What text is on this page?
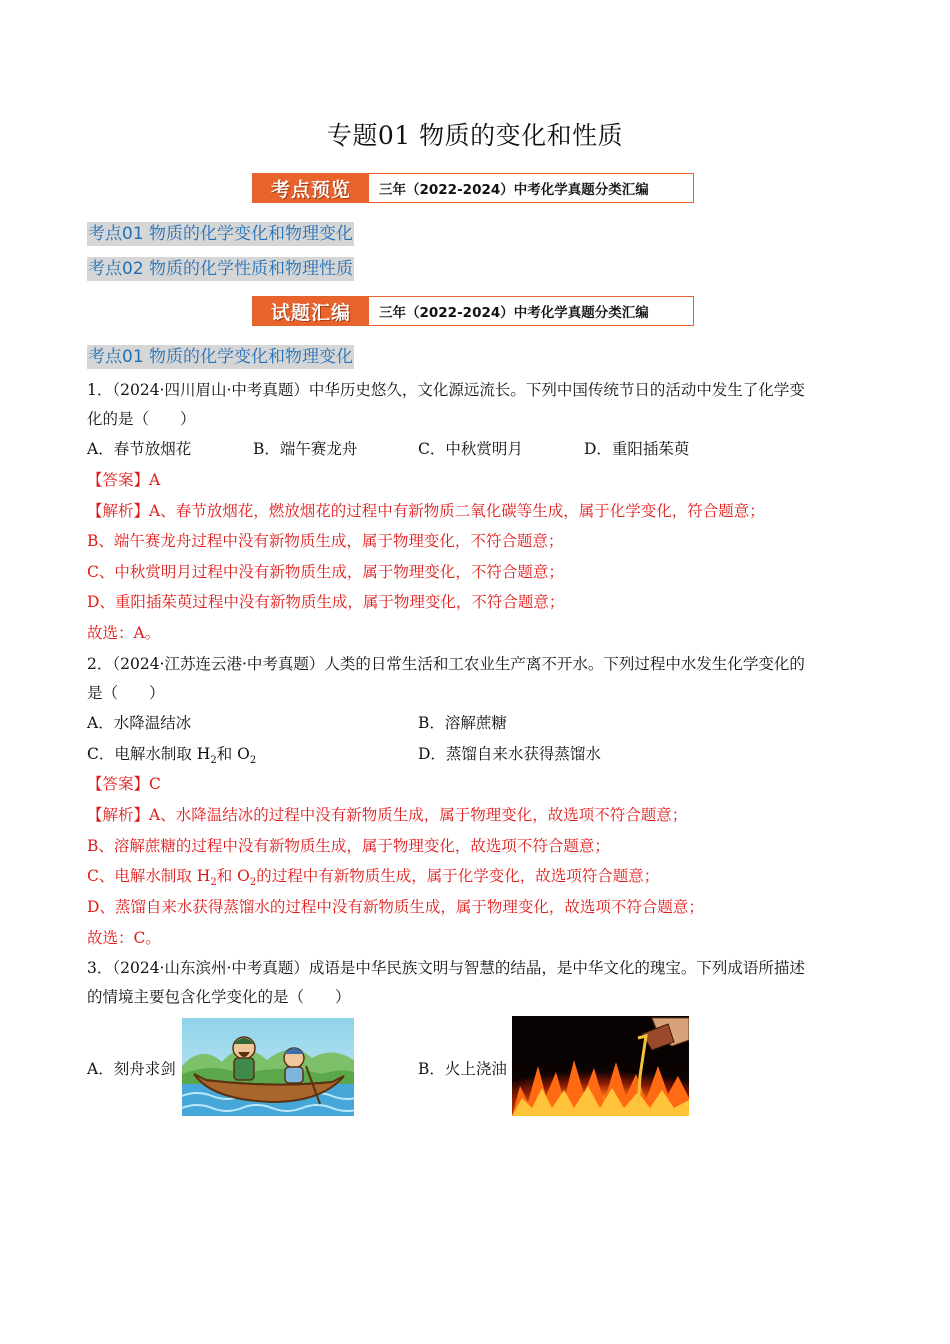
专题01 物质的变化和性质
考点预览	三年（2022-2024）中考化学真题分类汇编
考点01 物质的化学变化和物理变化
考点02 物质的化学性质和物理性质
试题汇编	三年（2022-2024）中考化学真题分类汇编
考点01 物质的化学变化和物理变化
1．（2024·四川眉山·中考真题）中华历史悠久，文化源远流长。下列中国传统节日的活动中发生了化学变
化的是（　　）
A．春节放烟花	B．端午赛龙舟	C．中秋赏明月	D．重阳插茱萸
【答案】A
【解析】A、春节放烟花，燃放烟花的过程中有新物质二氧化碳等生成，属于化学变化，符合题意；
B、端午赛龙舟过程中没有新物质生成，属于物理变化，不符合题意；
C、中秋赏明月过程中没有新物质生成，属于物理变化，不符合题意；
D、重阳插茱萸过程中没有新物质生成，属于物理变化，不符合题意；
故选：A。
2．（2024·江苏连云港·中考真题）人类的日常生活和工农业生产离不开水。下列过程中水发生化学变化的
是（　　）
A．水降温结冰	B．溶解蔗糖
C．电解水制取 $H_2$和 $O_2$	D．蒸馏自来水获得蒸馏水
【答案】C
【解析】A、水降温结冰的过程中没有新物质生成，属于物理变化，故选项不符合题意；
B、溶解蔗糖的过程中没有新物质生成，属于物理变化，故选项不符合题意；
C、电解水制取 $H_2$和 $O_2$的过程中有新物质生成，属于化学变化，故选项符合题意；
D、蒸馏自来水获得蒸馏水的过程中没有新物质生成，属于物理变化，故选项不符合题意；
故选：C。
3．（2024·山东滨州·中考真题）成语是中华民族文明与智慧的结晶，是中华文化的瑰宝。下列成语所描述
的情境主要包含化学变化的是（　　）
A．刻舟求剑	B．火上浇油
